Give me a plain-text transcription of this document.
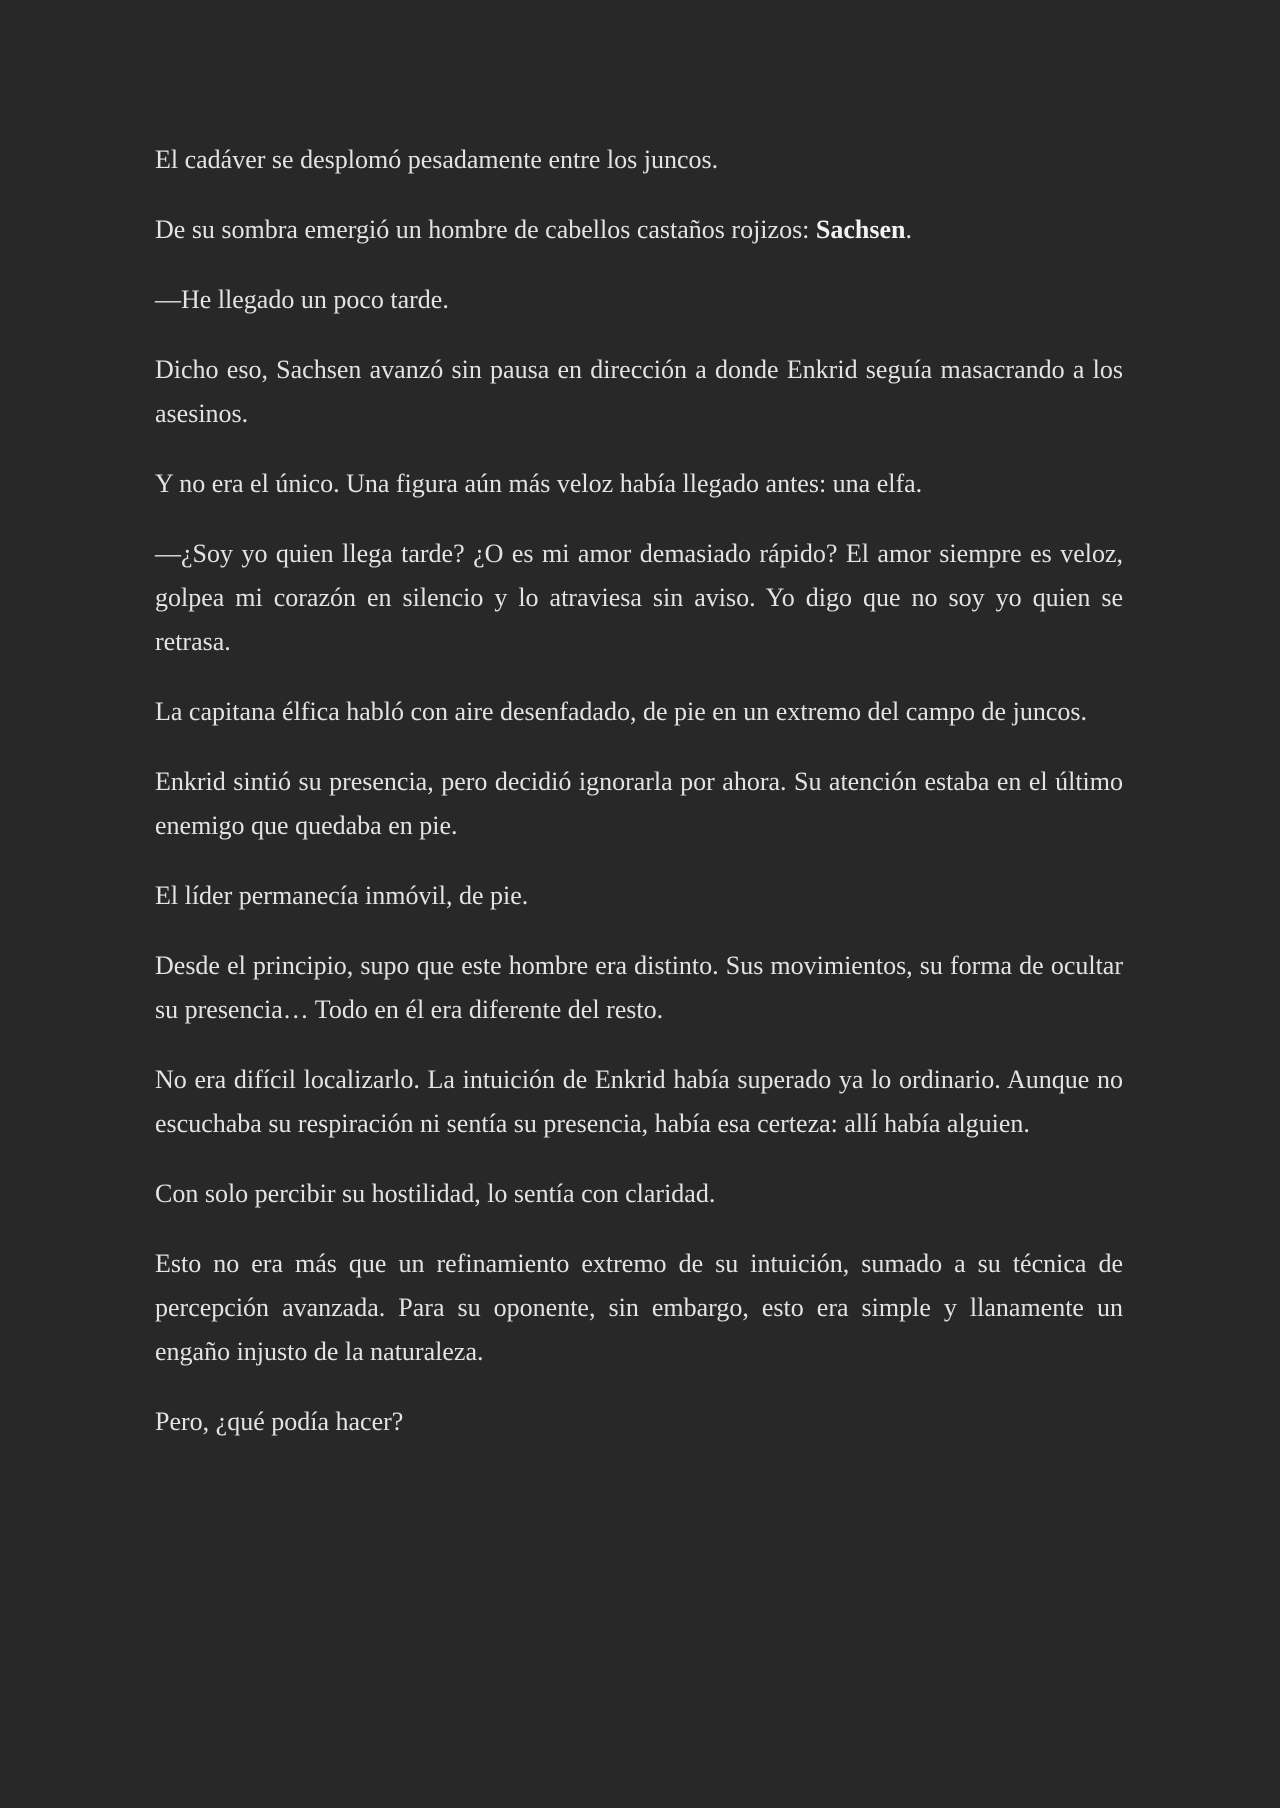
El cadáver se desplomó pesadamente entre los juncos.

De su sombra emergió un hombre de cabellos castaños rojizos: Sachsen.

—He llegado un poco tarde.

Dicho eso, Sachsen avanzó sin pausa en dirección a donde Enkrid seguía masacrando a los asesinos.

Y no era el único. Una figura aún más veloz había llegado antes: una elfa.

—¿Soy yo quien llega tarde? ¿O es mi amor demasiado rápido? El amor siempre es veloz, golpea mi corazón en silencio y lo atraviesa sin aviso. Yo digo que no soy yo quien se retrasa.

La capitana élfica habló con aire desenfadado, de pie en un extremo del campo de juncos.

Enkrid sintió su presencia, pero decidió ignorarla por ahora. Su atención estaba en el último enemigo que quedaba en pie.

El líder permanecía inmóvil, de pie.

Desde el principio, supo que este hombre era distinto. Sus movimientos, su forma de ocultar su presencia… Todo en él era diferente del resto.

No era difícil localizarlo. La intuición de Enkrid había superado ya lo ordinario. Aunque no escuchaba su respiración ni sentía su presencia, había esa certeza: allí había alguien.

Con solo percibir su hostilidad, lo sentía con claridad.

Esto no era más que un refinamiento extremo de su intuición, sumado a su técnica de percepción avanzada. Para su oponente, sin embargo, esto era simple y llanamente un engaño injusto de la naturaleza.

Pero, ¿qué podía hacer?
